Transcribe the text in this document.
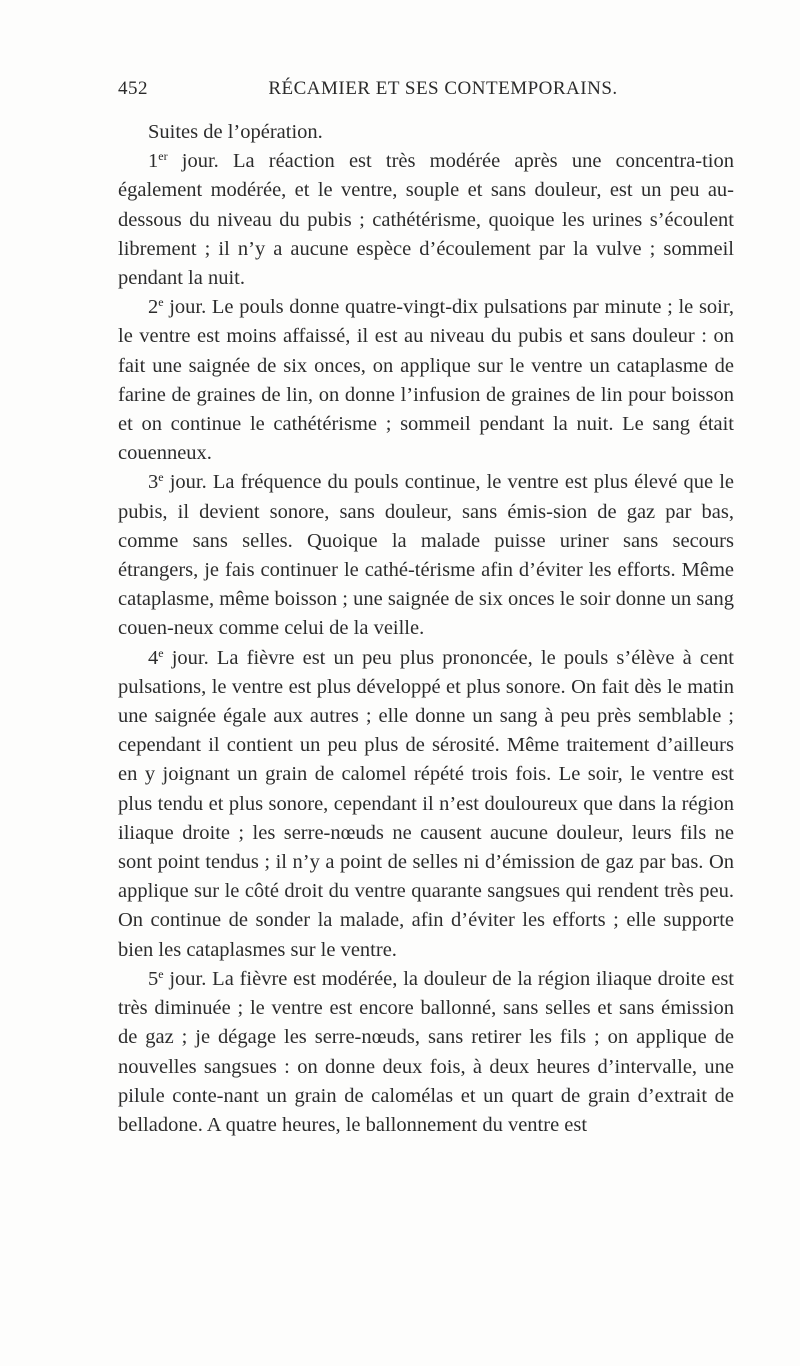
452	RÉCAMIER ET SES CONTEMPORAINS.

Suites de l’opération.

1er jour. La réaction est très modérée après une concentra-tion également modérée, et le ventre, souple et sans douleur, est un peu au-dessous du niveau du pubis ; cathétérisme, quoique les urines s’écoulent librement ; il n’y a aucune espèce d’écoulement par la vulve ; sommeil pendant la nuit.

2e jour. Le pouls donne quatre-vingt-dix pulsations par minute ; le soir, le ventre est moins affaissé, il est au niveau du pubis et sans douleur : on fait une saignée de six onces, on applique sur le ventre un cataplasme de farine de graines de lin, on donne l’infusion de graines de lin pour boisson et on continue le cathétérisme ; sommeil pendant la nuit. Le sang était couenneux.

3e jour. La fréquence du pouls continue, le ventre est plus élevé que le pubis, il devient sonore, sans douleur, sans émis-sion de gaz par bas, comme sans selles. Quoique la malade puisse uriner sans secours étrangers, je fais continuer le cathé-térisme afin d’éviter les efforts. Même cataplasme, même boisson ; une saignée de six onces le soir donne un sang couen-neux comme celui de la veille.

4e jour. La fièvre est un peu plus prononcée, le pouls s’élève à cent pulsations, le ventre est plus développé et plus sonore. On fait dès le matin une saignée égale aux autres ; elle donne un sang à peu près semblable ; cependant il contient un peu plus de sérosité. Même traitement d’ailleurs en y joignant un grain de calomel répété trois fois. Le soir, le ventre est plus tendu et plus sonore, cependant il n’est douloureux que dans la région iliaque droite ; les serre-nœuds ne causent aucune douleur, leurs fils ne sont point tendus ; il n’y a point de selles ni d’émission de gaz par bas. On applique sur le côté droit du ventre quarante sangsues qui rendent très peu. On continue de sonder la malade, afin d’éviter les efforts ; elle supporte bien les cataplasmes sur le ventre.

5e jour. La fièvre est modérée, la douleur de la région iliaque droite est très diminuée ; le ventre est encore ballonné, sans selles et sans émission de gaz ; je dégage les serre-nœuds, sans retirer les fils ; on applique de nouvelles sangsues : on donne deux fois, à deux heures d’intervalle, une pilule conte-nant un grain de calomélas et un quart de grain d’extrait de belladone. A quatre heures, le ballonnement du ventre est
